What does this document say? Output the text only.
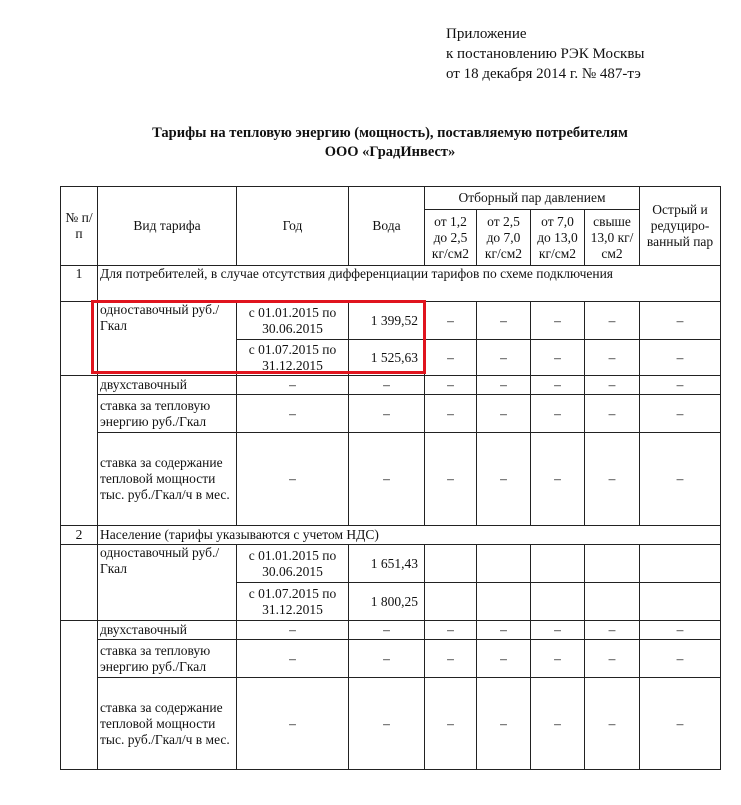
Приложение
к постановлению РЭК Москвы
от 18 декабря 2014 г. № 487-тэ
Тарифы на тепловую энергию (мощность), поставляемую потребителям
ООО «ГрадИнвест»
№ п/п	Вид тарифа	Год	Вода	Отборный пар давлением				Острый и редуциро-ванный пар
				от 1,2 до 2,5 кг/см2	от 2,5 до 7,0 кг/см2	от 7,0 до 13,0 кг/см2	свыше 13,0 кг/см2	
1	Для потребителей, в случае отсутствия дифференциации тарифов по схеме подключения							
	одноставочный руб./Гкал	с 01.01.2015 по 30.06.2015	1 399,52	–	–	–	–	–
		с 01.07.2015 по 31.12.2015	1 525,63	–	–	–	–	–
	двухставочный	–	–	–	–	–	–	–
	ставка за тепловую энергию руб./Гкал	–	–	–	–	–	–	–
	ставка за содержание тепловой мощности тыс. руб./Гкал/ч в мес.	–	–	–	–	–	–	–
2	Население (тарифы указываются с учетом НДС)							
	одноставочный руб./Гкал	с 01.01.2015 по 30.06.2015	1 651,43					
		с 01.07.2015 по 31.12.2015	1 800,25					
	двухставочный	–	–	–	–	–	–	–
	ставка за тепловую энергию руб./Гкал	–	–	–	–	–	–	–
	ставка за содержание тепловой мощности тыс. руб./Гкал/ч в мес.	–	–	–	–	–	–	–
